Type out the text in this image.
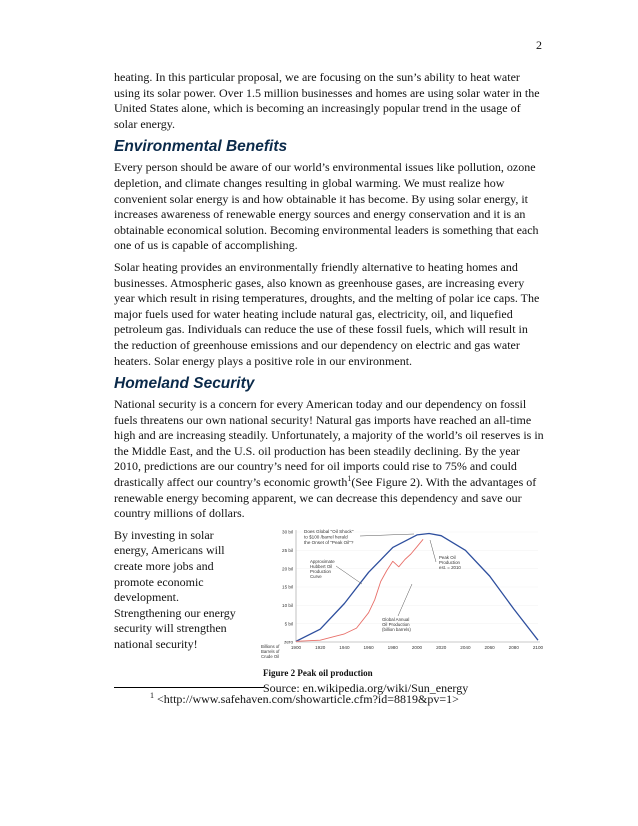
2

heating. In this particular proposal, we are focusing on the sun’s ability to heat water using its solar power. Over 1.5 million businesses and homes are using solar water in the United States alone, which is becoming an increasingly popular trend in the usage of solar energy.

Environmental Benefits

Every person should be aware of our world’s environmental issues like pollution, ozone depletion, and climate changes resulting in global warming. We must realize how convenient solar energy is and how obtainable it has become. By using solar energy, it increases awareness of renewable energy sources and energy conservation and it is an obtainable economical solution. Becoming environmental leaders is something that each one of us is capable of accomplishing.

Solar heating provides an environmentally friendly alternative to heating homes and businesses. Atmospheric gases, also known as greenhouse gases, are increasing every year which result in rising temperatures, droughts, and the melting of polar ice caps. The major fuels used for water heating include natural gas, electricity, oil, and liquefied petroleum gas. Individuals can reduce the use of these fossil fuels, which will result in the reduction of greenhouse emissions and our dependency on electric and gas water heaters. Solar energy plays a positive role in our environment.

Homeland Security

National security is a concern for every American today and our dependency on fossil fuels threatens our own national security! Natural gas imports have reached an all-time high and are increasing steadily. Unfortunately, a majority of the world’s oil reserves is in the Middle East, and the U.S. oil production has been steadily declining. By the year 2010, predictions are our country’s need for oil imports could rise to 75% and could drastically affect our country’s economic growth$^1$(See Figure 2). With the advantages of renewable energy becoming apparent, we can decrease this dependency and save our country millions of dollars.

By investing in solar energy, Americans will create more jobs and promote economic development. Strengthening our energy security will strengthen national security!
30 bil
25 bil
20 bil
15 bil
10 bil
5 bil
zero
1900	1920	1940	1960	1980	2000	2020	2040	2060	2080	2100
Does Global "Oil Shock"
to $100 /barrel herald
the Onset of "Peak Oil"?
Approximate
Hubbert Oil
Production
Curve
Peak Oil
Production
est. = 2010
Global Annual
Oil Production
(billion barrels)
Billions of
Barrels of
Crude Oil
Figure 2 Peak oil production
Source: en.wikipedia.org/wiki/Sun_energy
$^1$ <http://www.safehaven.com/showarticle.cfm?id=8819&pv=1>
